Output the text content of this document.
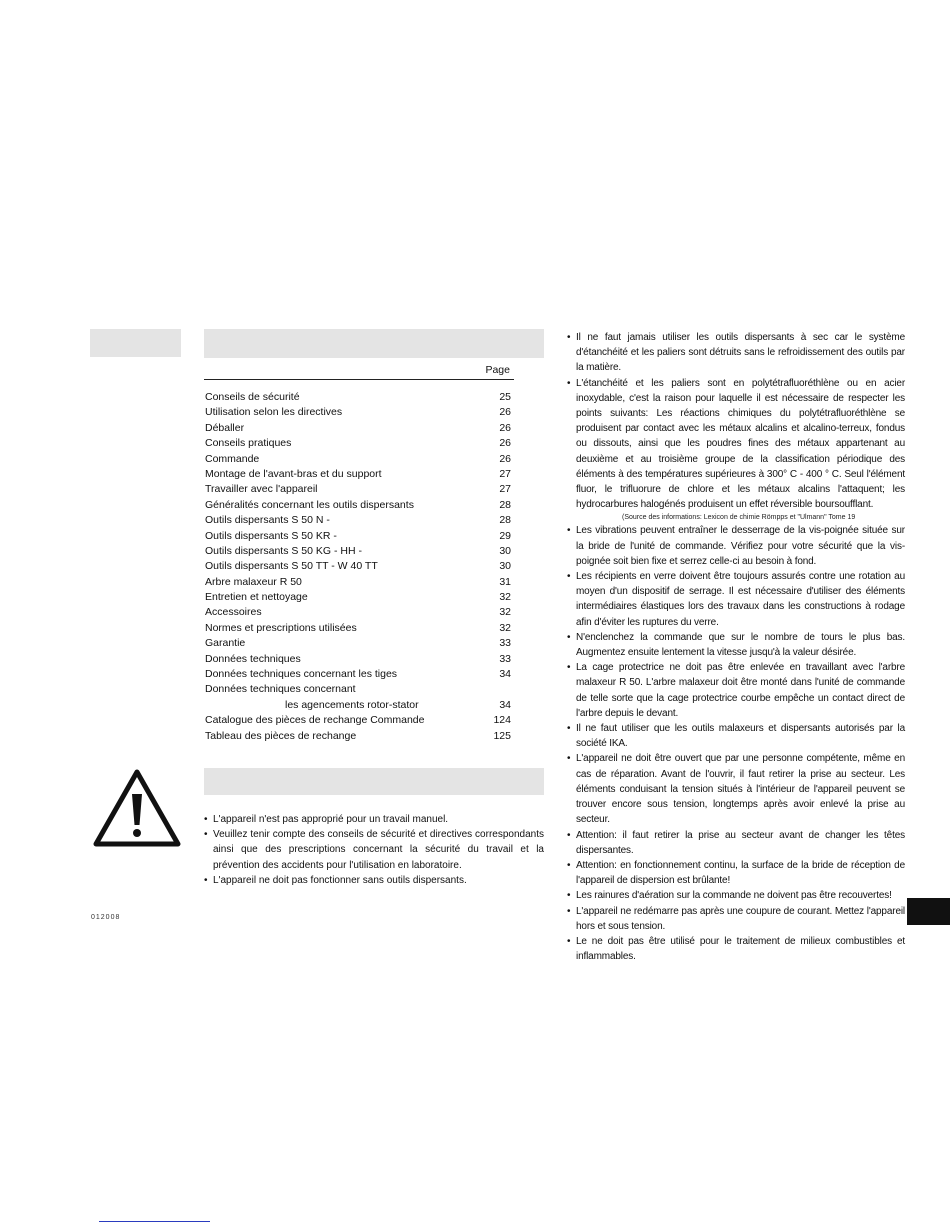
Page
Conseils de sécurité	25
Utilisation selon les directives	26
Déballer	26
Conseils pratiques	26
Commande	26
Montage de l'avant-bras et du support	27
Travailler avec l'appareil	27
Généralités concernant les outils dispersants	28
Outils dispersants S 50 N -	28
Outils dispersants S 50 KR -	29
Outils dispersants S 50 KG - HH -	30
Outils dispersants S 50 TT - W 40 TT	30
Arbre malaxeur R 50	31
Entretien et nettoyage	32
Accessoires	32
Normes et prescriptions utilisées	32
Garantie	33
Données techniques	33
Données techniques concernant les tiges	34
Données techniques concernant
les agencements rotor-stator	34
Catalogue des pièces de rechange Commande	124
Tableau des pièces de rechange	125
• L'appareil n'est pas approprié pour un travail manuel.
• Veuillez tenir compte des conseils de sécurité et directives correspondants ainsi que des prescriptions concernant la sécurité du travail et la prévention des accidents pour l'utilisation en laboratoire.
• L'appareil ne doit pas fonctionner sans outils dispersants.
• Il ne faut jamais utiliser les outils dispersants à sec car le système d'étanchéité et les paliers sont détruits sans le refroidissement des outils par la matière.
• L'étanchéité et les paliers sont en polytétrafluoréthlène ou en acier inoxydable, c'est la raison pour laquelle il est nécessaire de respecter les points suivants: Les réactions chimiques du polytétrafluoréthlène se produisent par contact avec les métaux alcalins et alcalino-terreux, fondus ou dissouts, ainsi que les poudres fines des métaux appartenant au deuxième et au troisième groupe de la classification périodique des éléments à des températures supérieures à 300° C - 400 ° C. Seul l'élément fluor, le trifluorure de chlore et les métaux alcalins l'attaquent; les hydrocarbures halogénés produisent un effet réversible boursoufflant.
(Source des informations: Lexicon de chimie Römpps et "Ulmann" Tome 19
• Les vibrations peuvent entraîner le desserrage de la vis-poignée située sur la bride de l'unité de commande. Vérifiez pour votre sécurité que la vis-poignée soit bien fixe et serrez celle-ci au besoin à fond.
• Les récipients en verre doivent être toujours assurés contre une rotation au moyen d'un dispositif de serrage. Il est nécessaire d'utiliser des éléments intermédiaires élastiques lors des travaux dans les constructions à rodage afin d'éviter les ruptures du verre.
• N'enclenchez la commande que sur le nombre de tours le plus bas. Augmentez ensuite lentement la vitesse jusqu'à la valeur désirée.
• La cage protectrice ne doit pas être enlevée en travaillant avec l'arbre malaxeur R 50. L'arbre malaxeur doit être monté dans l'unité de commande de telle sorte que la cage protectrice courbe empêche un contact direct de l'arbre depuis le devant.
• Il ne faut utiliser que les outils malaxeurs et dispersants autorisés par la société IKA.
• L'appareil ne doit être ouvert que par une personne compétente, même en cas de réparation. Avant de l'ouvrir, il faut retirer la prise au secteur. Les éléments conduisant la tension situés à l'intérieur de l'appareil peuvent se trouver encore sous tension, longtemps après avoir enlevé la prise au secteur.
• Attention: il faut retirer la prise au secteur avant de changer les têtes dispersantes.
• Attention: en fonctionnement continu, la surface de la bride de réception de l'appareil de dispersion est brûlante!
• Les rainures d'aération sur la commande ne doivent pas être recouvertes!
• L'appareil ne redémarre pas après une coupure de courant. Mettez l'appareil hors et sous tension.
• Le ne doit pas être utilisé pour le traitement de milieux combustibles et inflammables.
012008
